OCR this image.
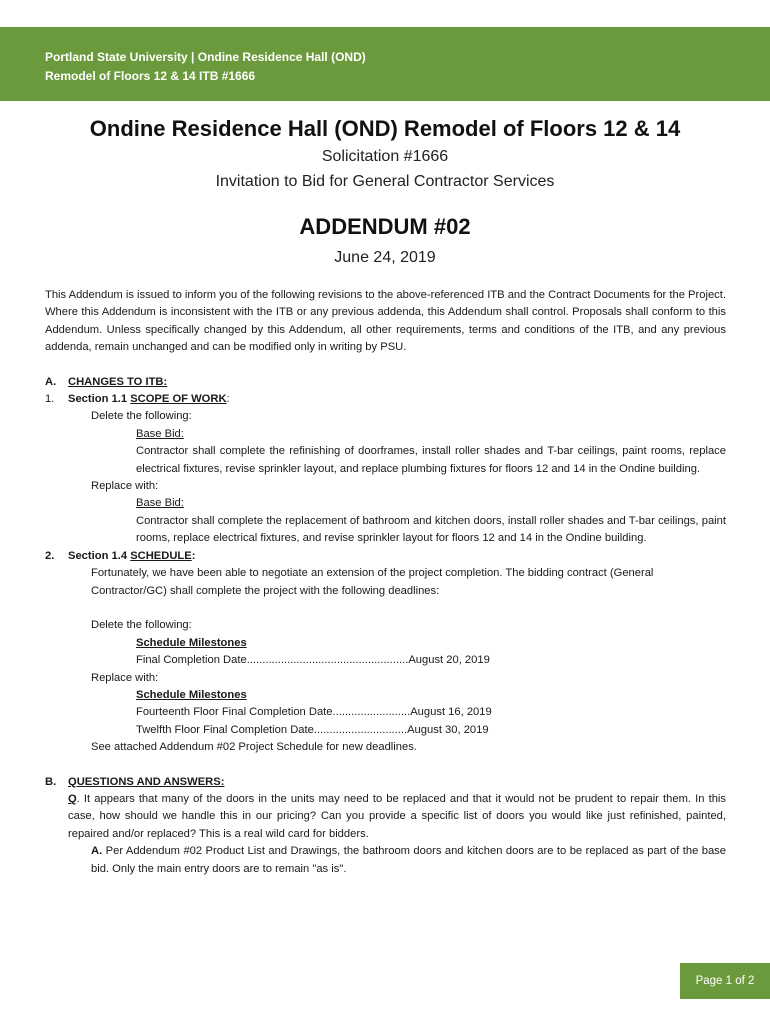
Portland State University | Ondine Residence Hall (OND)
Remodel of Floors 12 & 14 ITB #1666
Ondine Residence Hall (OND) Remodel of Floors 12 & 14
Solicitation #1666
Invitation to Bid for General Contractor Services
ADDENDUM #02
June 24, 2019

This Addendum is issued to inform you of the following revisions to the above-referenced ITB and the Contract Documents for the Project. Where this Addendum is inconsistent with the ITB or any previous addenda, this Addendum shall control. Proposals shall conform to this Addendum. Unless specifically changed by this Addendum, all other requirements, terms and conditions of the ITB, and any previous addenda, remain unchanged and can be modified only in writing by PSU.

A.	CHANGES TO ITB:
1.	Section 1.1 SCOPE OF WORK:
Delete the following:
Base Bid:
Contractor shall complete the refinishing of doorframes, install roller shades and T-bar ceilings, paint rooms, replace electrical fixtures, revise sprinkler layout, and replace plumbing fixtures for floors 12 and 14 in the Ondine building.
Replace with:
Base Bid:
Contractor shall complete the replacement of bathroom and kitchen doors, install roller shades and T-bar ceilings, paint rooms, replace electrical fixtures, and revise sprinkler layout for floors 12 and 14 in the Ondine building.
2.	Section 1.4 SCHEDULE:
Fortunately, we have been able to negotiate an extension of the project completion. The bidding contract (General Contractor/GC) shall complete the project with the following deadlines:
Delete the following:
Schedule Milestones
Final Completion Date .................................................... August 20, 2019
Replace with:
Schedule Milestones
Fourteenth Floor Final Completion Date ......................... August 16, 2019
Twelfth Floor Final Completion Date .............................. August 30, 2019
See attached Addendum #02 Project Schedule for new deadlines.
B.	QUESTIONS AND ANSWERS:
Q. It appears that many of the doors in the units may need to be replaced and that it would not be prudent to repair them. In this case, how should we handle this in our pricing? Can you provide a specific list of doors you would like just refinished, painted, repaired and/or replaced? This is a real wild card for bidders.
A. Per Addendum #02 Product List and Drawings, the bathroom doors and kitchen doors are to be replaced as part of the base bid. Only the main entry doors are to remain "as is".
Page 1 of 2
